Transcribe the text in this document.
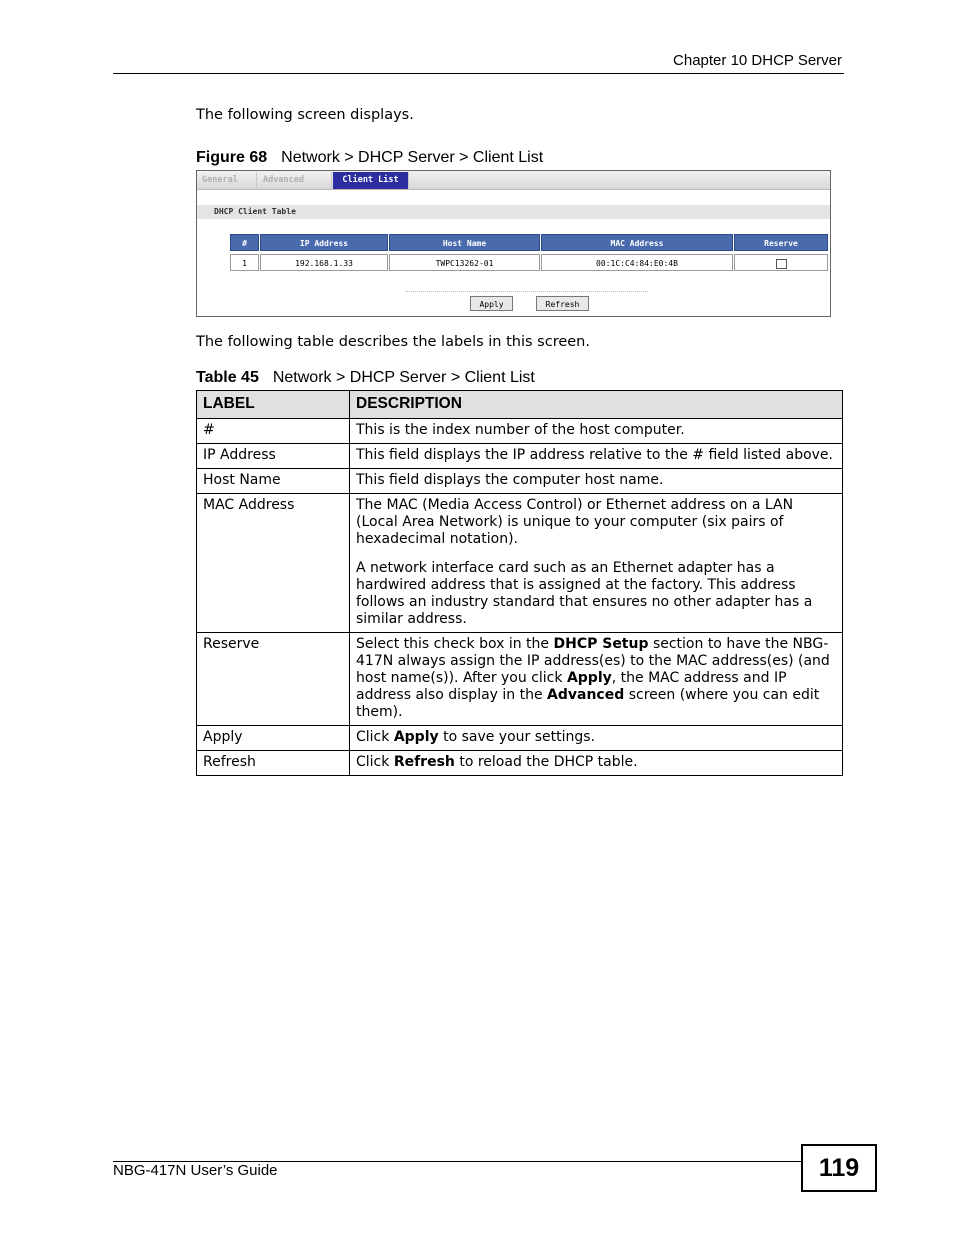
Chapter 10 DHCP Server
The following screen displays.
Figure 68 Network > DHCP Server > Client List
General	Advanced	Client List
DHCP Client Table
#	IP Address	Host Name	MAC Address	Reserve
1	192.168.1.33	TWPC13262-01	00:1C:C4:84:E0:4B
Apply	Refresh
The following table describes the labels in this screen.
Table 45 Network > DHCP Server > Client List
LABEL	DESCRIPTION
#	This is the index number of the host computer.
IP Address	This field displays the IP address relative to the # field listed above.
Host Name	This field displays the computer host name.
MAC Address	The MAC (Media Access Control) or Ethernet address on a LAN (Local Area Network) is unique to your computer (six pairs of hexadecimal notation).

A network interface card such as an Ethernet adapter has a hardwired address that is assigned at the factory. This address follows an industry standard that ensures no other adapter has a similar address.

Reserve	Select this check box in the DHCP Setup section to have the NBG-417N always assign the IP address(es) to the MAC address(es) (and host name(s)). After you click Apply, the MAC address and IP address also display in the Advanced screen (where you can edit them).
Apply	Click Apply to save your settings.
Refresh	Click Refresh to reload the DHCP table.
NBG-417N User’s Guide	119
